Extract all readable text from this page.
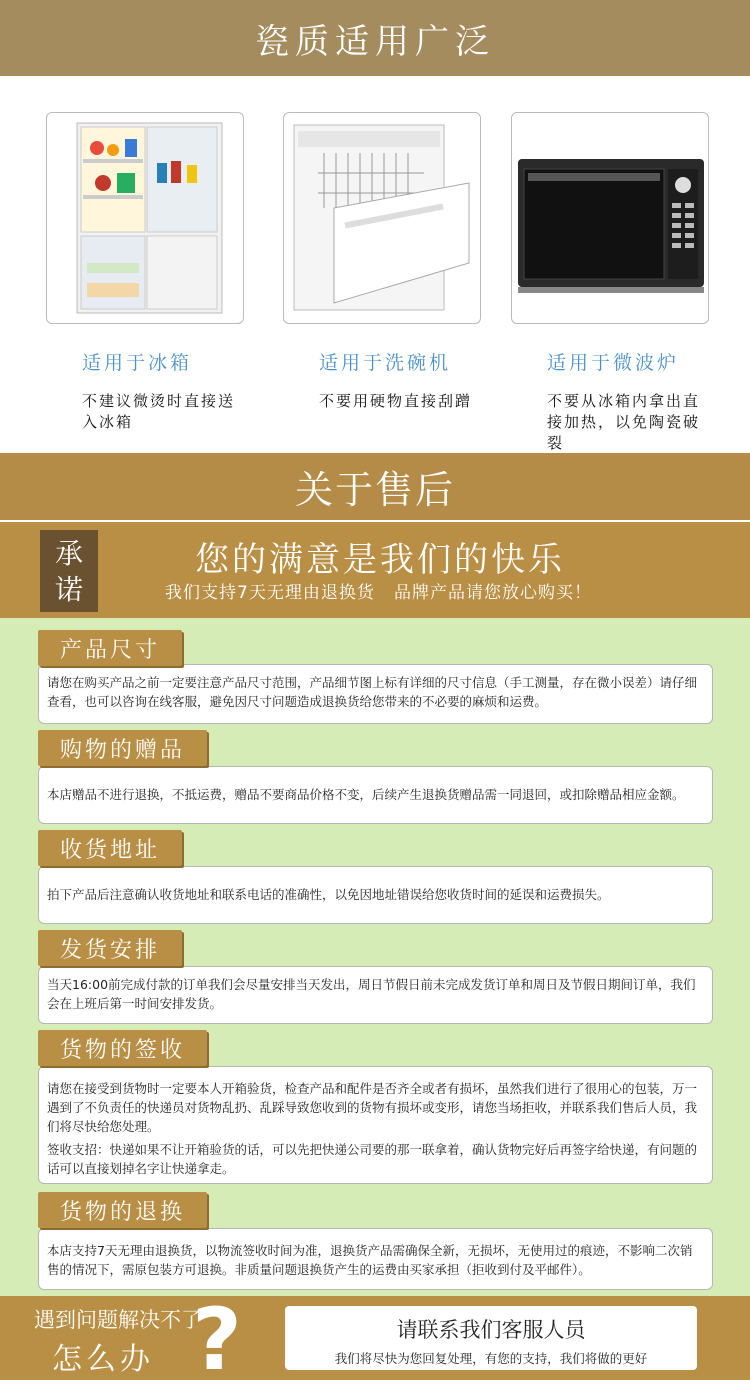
瓷质适用广泛
适用于冰箱
不建议微烫时直接送入冰箱
适用于洗碗机
不要用硬物直接刮蹭
适用于微波炉
不要从冰箱内拿出直接加热，以免陶瓷破裂
关于售后
承诺
您的满意是我们的快乐
我们支持7天无理由退换货   品牌产品请您放心购买！
请您在购买产品之前一定要注意产品尺寸范围，产品细节图上标有详细的尺寸信息（手工测量，存在微小误差）请仔细查看，也可以咨询在线客服，避免因尺寸问题造成退换货给您带来的不必要的麻烦和运费。
产品尺寸
本店赠品不进行退换，不抵运费，赠品不要商品价格不变，后续产生退换货赠品需一同退回，或扣除赠品相应金额。
购物的赠品
拍下产品后注意确认收货地址和联系电话的准确性，以免因地址错误给您收货时间的延误和运费损失。
收货地址
当天16:00前完成付款的订单我们会尽量安排当天发出，周日节假日前未完成发货订单和周日及节假日期间订单，我们会在上班后第一时间安排发货。
发货安排
请您在接受到货物时一定要本人开箱验货，检查产品和配件是否齐全或者有损坏，虽然我们进行了很用心的包装，万一遇到了不负责任的快递员对货物乱扔、乱踩导致您收到的货物有损坏或变形，请您当场拒收，并联系我们售后人员，我们将尽快给您处理。
签收支招：快递如果不让开箱验货的话，可以先把快递公司要的那一联拿着，确认货物完好后再签字给快递，有问题的话可以直接划掉名字让快递拿走。
货物的签收
本店支持7天无理由退换货，以物流签收时间为准，退换货产品需确保全新，无损坏，无使用过的痕迹，不影响二次销售的情况下，需原包装方可退换。非质量问题退换货产生的运费由买家承担（拒收到付及平邮件）。
货物的退换
遇到问题解决不了
怎么办 ?	请联系我们客服人员
我们将尽快为您回复处理，有您的支持，我们将做的更好
